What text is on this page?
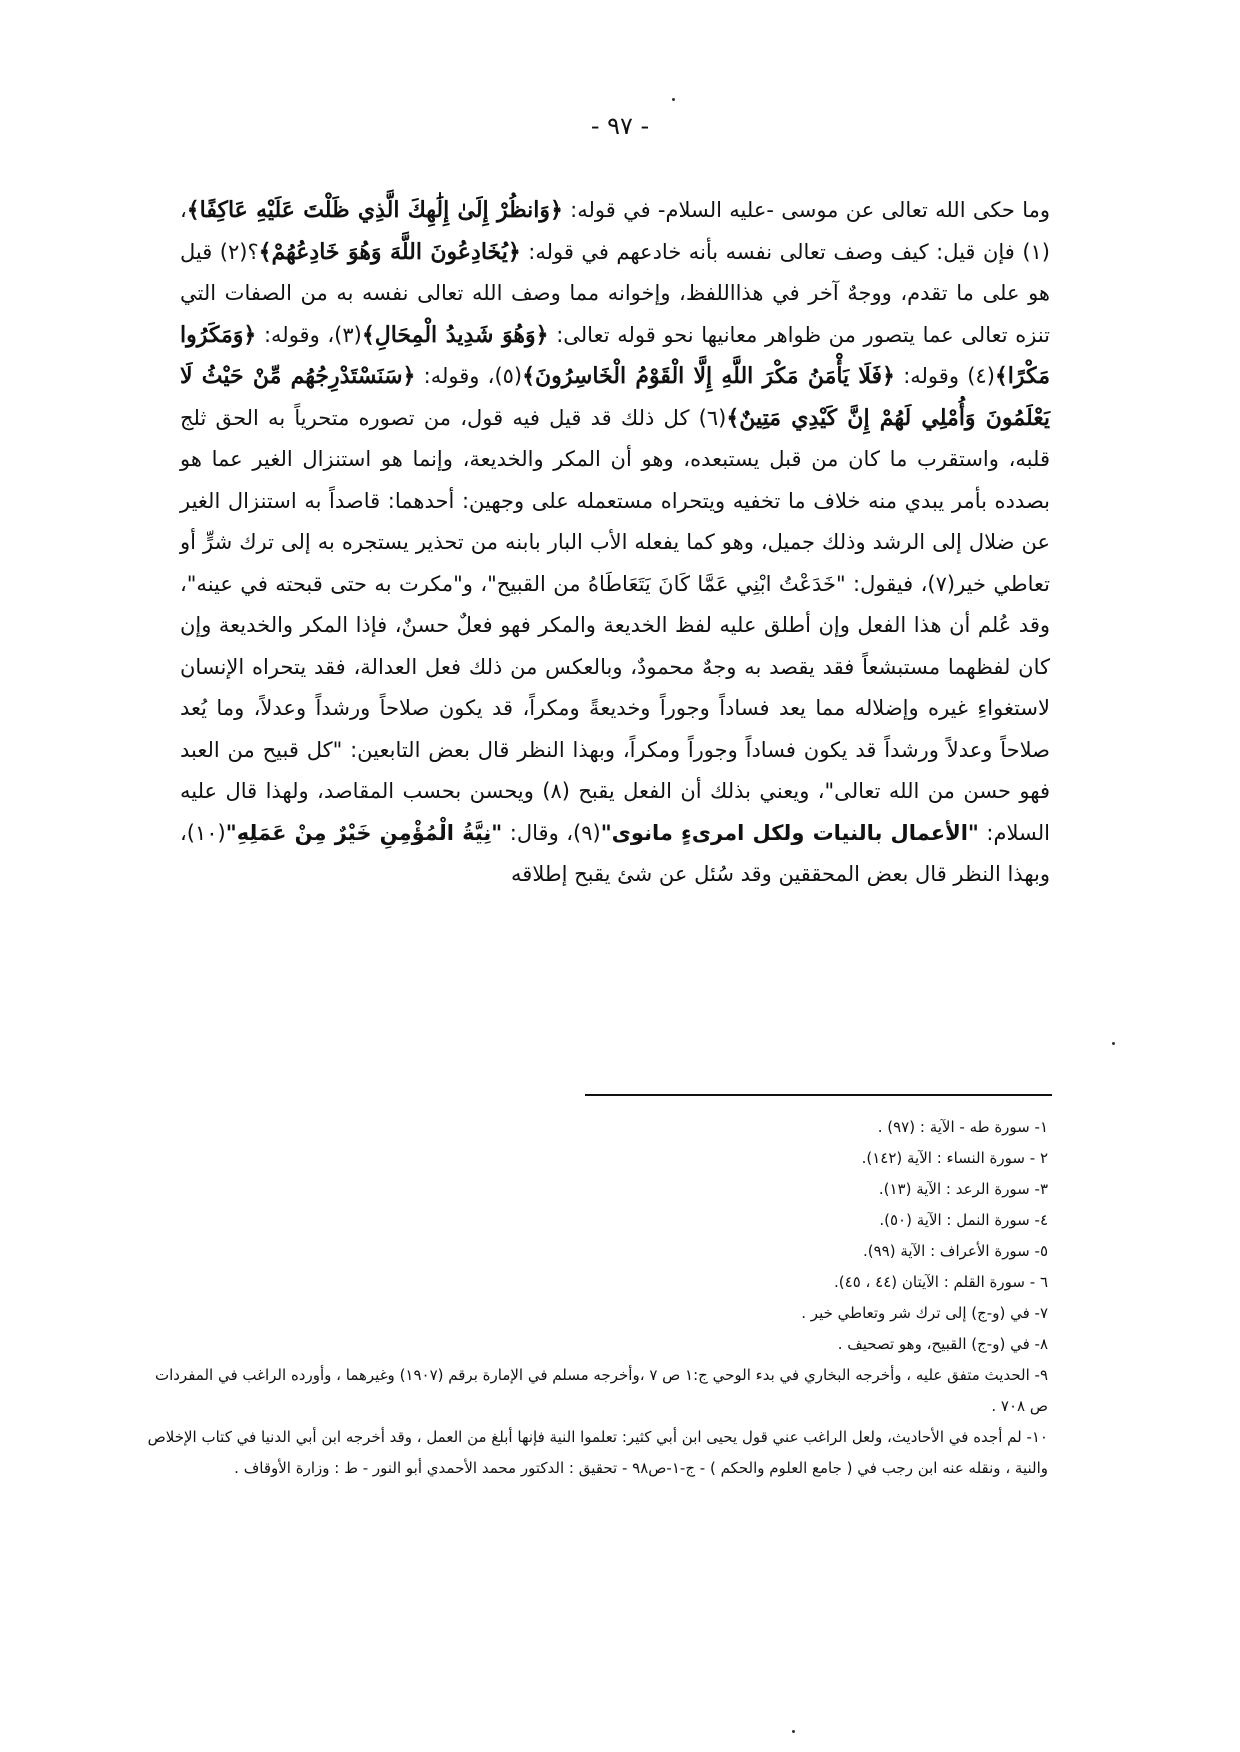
- ٩٧ -

وما حكى الله تعالى عن موسى -عليه السلام- في قوله: ﴿وَانظُرْ إِلَىٰ إِلَٰهِكَ الَّذِي ظَلْتَ عَلَيْهِ عَاكِفًا﴾،(١) فإن قيل: كيف وصف تعالى نفسه بأنه خادعهم في قوله: ﴿يُخَادِعُونَ اللَّهَ وَهُوَ خَادِعُهُمْ﴾؟(٢) قيل هو على ما تقدم، ووجهٌ آخر في هذااللفظ، وإخوانه مما وصف الله تعالى نفسه به من الصفات التي تنزه تعالى عما يتصور من ظواهر معانيها نحو قوله تعالى: ﴿وَهُوَ شَدِيدُ الْمِحَالِ﴾(٣)، وقوله: ﴿وَمَكَرُوا مَكْرًا﴾(٤) وقوله: ﴿فَلَا يَأْمَنُ مَكْرَ اللَّهِ إِلَّا الْقَوْمُ الْخَاسِرُونَ﴾(٥)، وقوله: ﴿سَنَسْتَدْرِجُهُم مِّنْ حَيْثُ لَا يَعْلَمُونَ وَأُمْلِي لَهُمْ إِنَّ كَيْدِي مَتِينٌ﴾(٦) كل ذلك قد قيل فيه قول، من تصوره متحرياً به الحق ثلج قلبه، واستقرب ما كان من قبل يستبعده، وهو أن المكر والخديعة، وإنما هو استنزال الغير عما هو بصدده بأمر يبدي منه خلاف ما تخفيه ويتحراه مستعمله على وجهين: أحدهما: قاصداً به استنزال الغير عن ضلال إلى الرشد وذلك جميل، وهو كما يفعله الأب البار بابنه من تحذير يستجره به إلى ترك شرٍّ أو تعاطي خير(٧)، فيقول: "خَدَعْتُ ابْنِي عَمَّا كَانَ يَتَعَاطَاهُ من القبيح"، و"مكرت به حتى قبحته في عينه"، وقد عُلم أن هذا الفعل وإن أطلق عليه لفظ الخديعة والمكر فهو فعلٌ حسنٌ، فإذا المكر والخديعة وإن كان لفظهما مستبشعاً فقد يقصد به وجهٌ محمودٌ، وبالعكس من ذلك فعل العدالة، فقد يتحراه الإنسان لاستغواءِ غيره وإضلاله مما يعد فساداً وجوراً وخديعةً ومكراً، قد يكون صلاحاً ورشداً وعدلاً، وما يُعد صلاحاً وعدلاً ورشداً قد يكون فساداً وجوراً ومكراً، وبهذا النظر قال بعض التابعين: "كل قبيح من العبد فهو حسن من الله تعالى"، ويعني بذلك أن الفعل يقبح (٨) ويحسن بحسب المقاصد، ولهذا قال عليه السلام: "الأعمال بالنيات ولكل امرىءٍ مانوى"(٩)، وقال: "نِيَّةُ الْمُؤْمِنِ خَيْرٌ مِنْ عَمَلِهِ"(١٠)، وبهذا النظر قال بعض المحققين وقد سُئل عن شئ يقبح إطلاقه

١- سورة طه - الآية : (٩٧) .
٢ - سورة النساء : الآية (١٤٢).
٣- سورة الرعد : الآية (١٣).
٤- سورة النمل : الآية (٥٠).
٥- سورة الأعراف : الآية (٩٩).
٦ - سورة القلم : الآيتان (٤٤ ، ٤٥).
٧- في (و-ج) إلى ترك شر وتعاطي خير .
٨- في (و-ج) القبيح، وهو تصحيف .
٩- الحديث متفق عليه ، وأخرجه البخاري في بدء الوحي ج:١ ص ٧ ،وأخرجه مسلم في الإمارة برقم (١٩٠٧) وغيرهما ، وأورده الراغب في المفردات ص ٧٠٨ .
١٠- لم أجده في الأحاديث، ولعل الراغب عني قول يحيى ابن أبي كثير: تعلموا النية فإنها أبلغ من العمل ، وقد أخرجه ابن أبي الدنيا في كتاب الإخلاص والنية ، ونقله عنه ابن رجب في ( جامع العلوم والحكم ) - ج-١-ص٩٨ - تحقيق : الدكتور محمد الأحمدي أبو النور - ط : وزارة الأوقاف .
